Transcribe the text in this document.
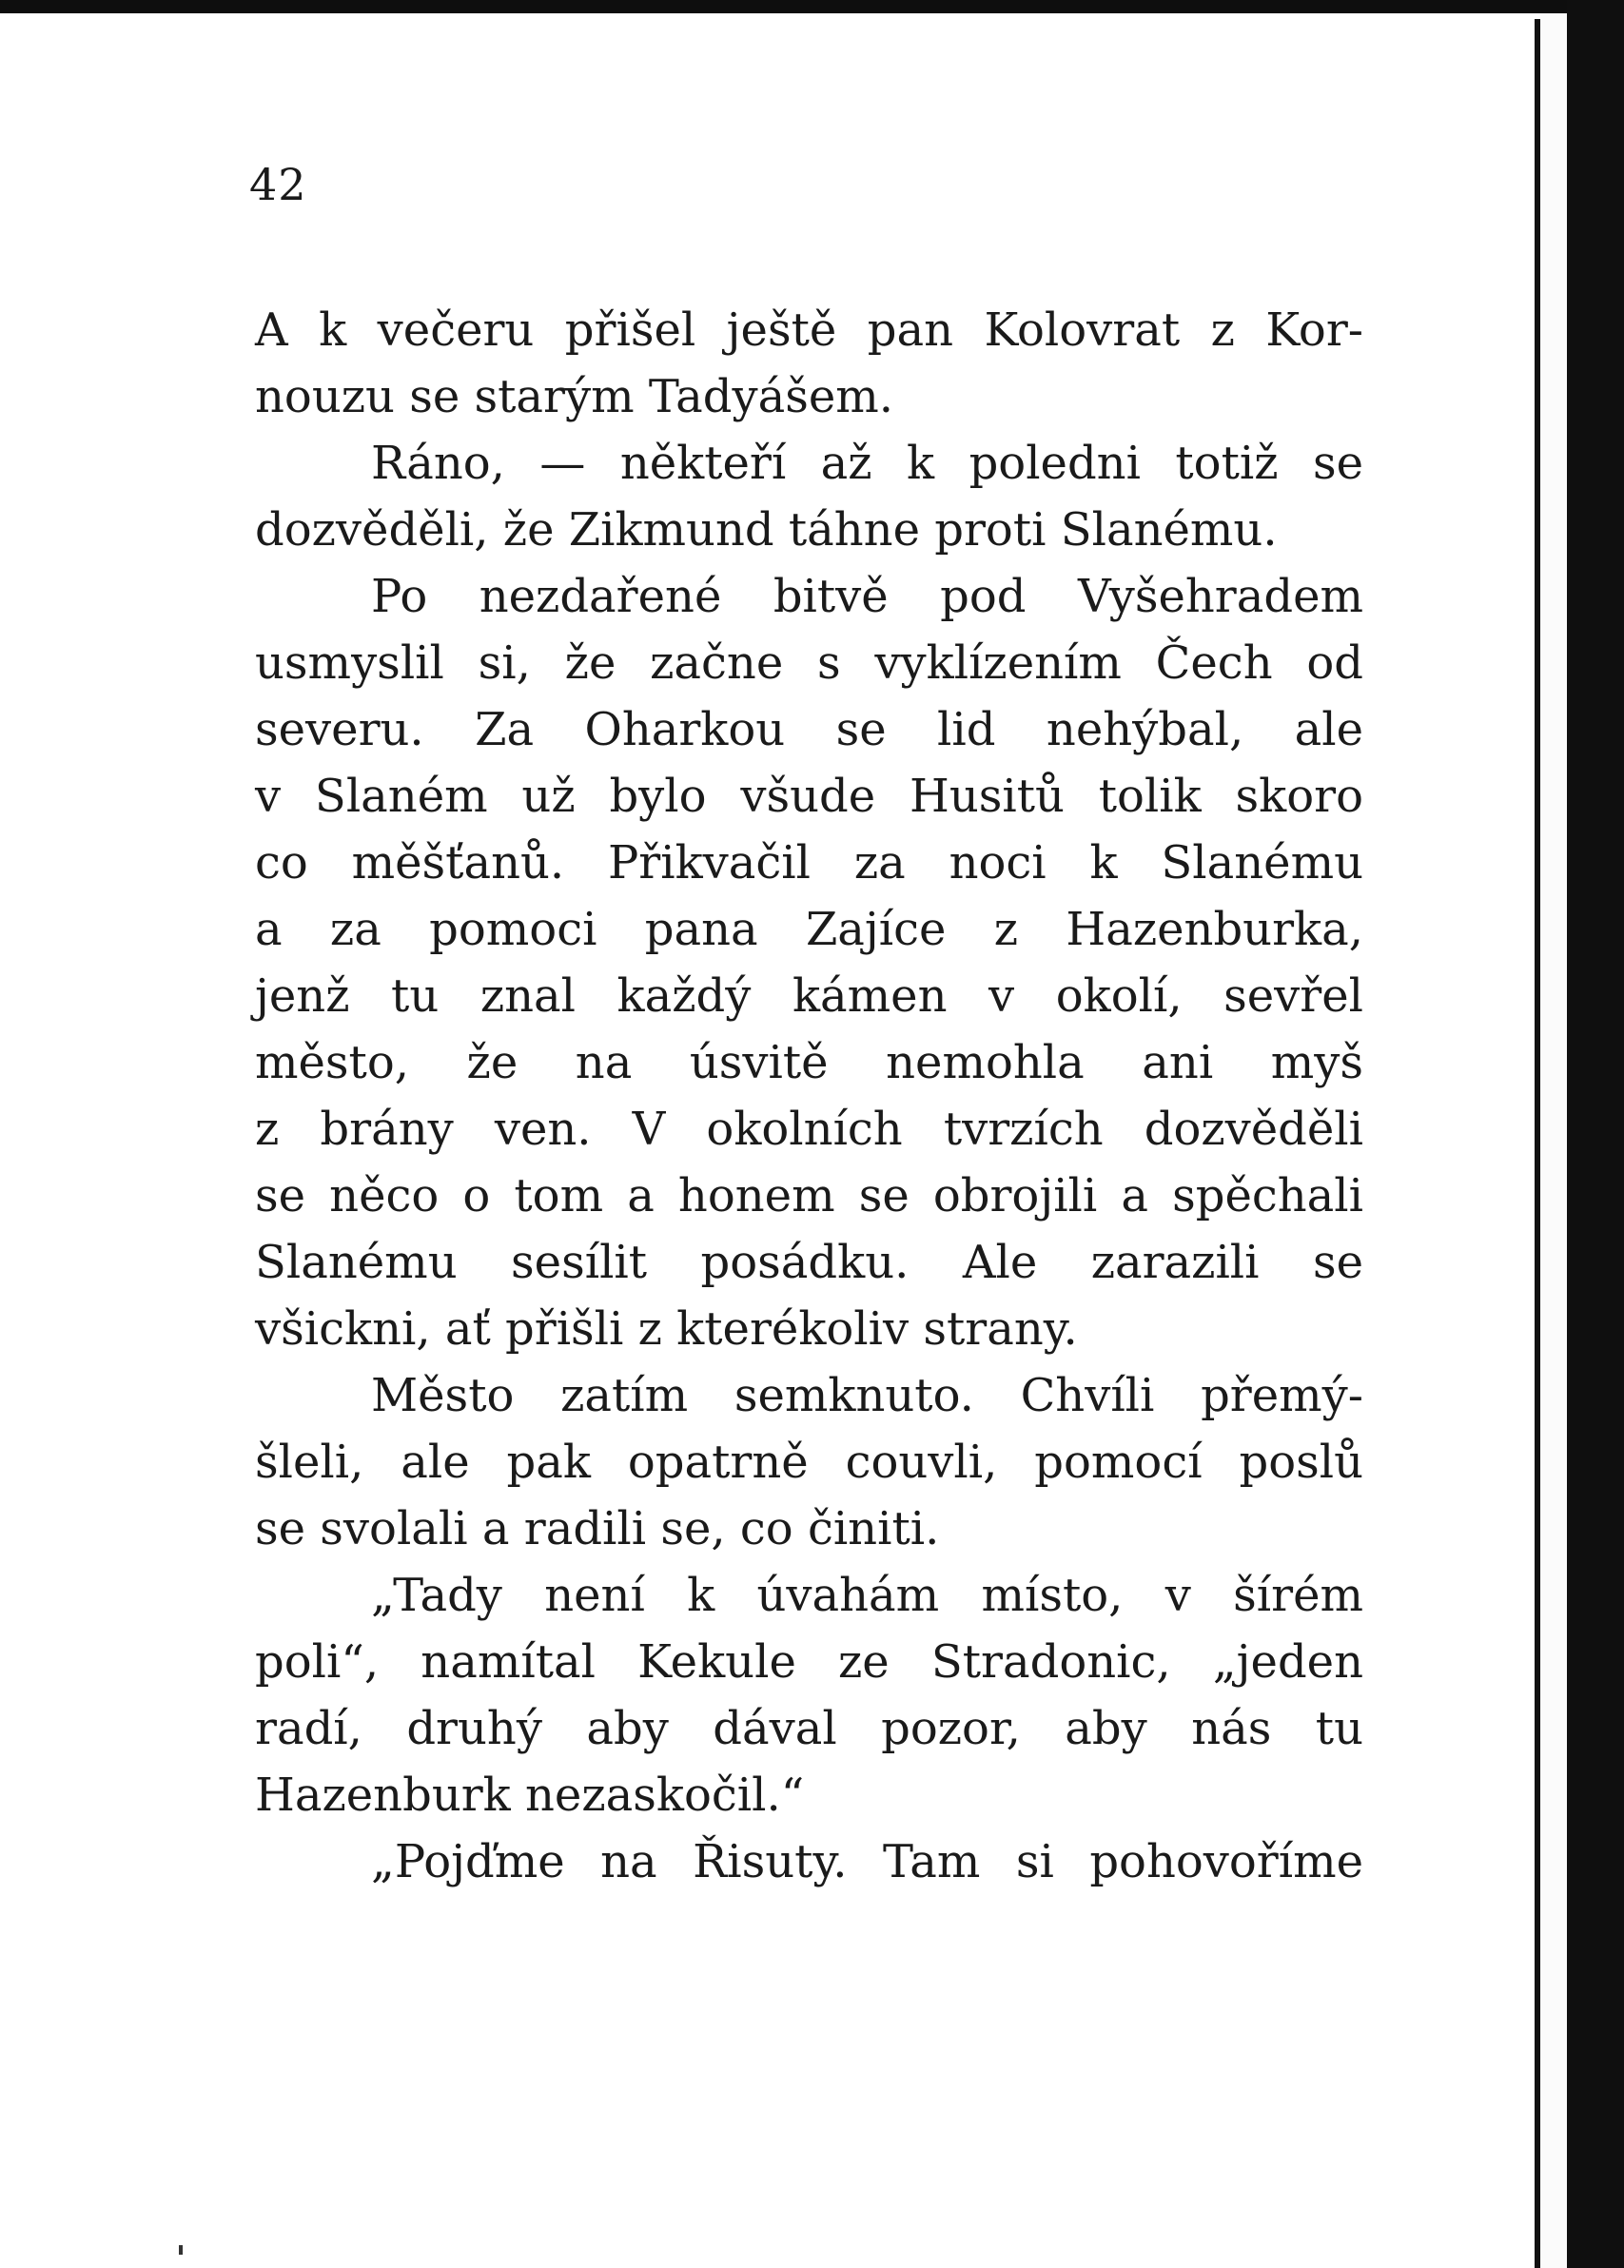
42
A k večeru přišel ještě pan Kolovrat z Kor-
nouzu se starým Tadyášem.
Ráno, — někteří až k poledni totiž se
dozvěděli, že Zikmund táhne proti Slanému.
Po nezdařené bitvě pod Vyšehradem
usmyslil si, že začne s vyklízením Čech od
severu. Za Oharkou se lid nehýbal, ale
v Slaném už bylo všude Husitů tolik skoro
co měšťanů. Přikvačil za noci k Slanému
a za pomoci pana Zajíce z Hazenburka,
jenž tu znal každý kámen v okolí, sevřel
město, že na úsvitě nemohla ani myš
z brány ven. V okolních tvrzích dozvěděli
se něco o tom a honem se obrojili a spěchali
Slanému sesílit posádku. Ale zarazili se
všickni, ať přišli z kterékoliv strany.
Město zatím semknuto. Chvíli přemý-
šleli, ale pak opatrně couvli, pomocí poslů
se svolali a radili se, co činiti.
„Tady není k úvahám místo, v šírém
poli“, namítal Kekule ze Stradonic, „jeden
radí, druhý aby dával pozor, aby nás tu
Hazenburk nezaskočil.“
„Pojďme na Řisuty. Tam si pohovoříme
